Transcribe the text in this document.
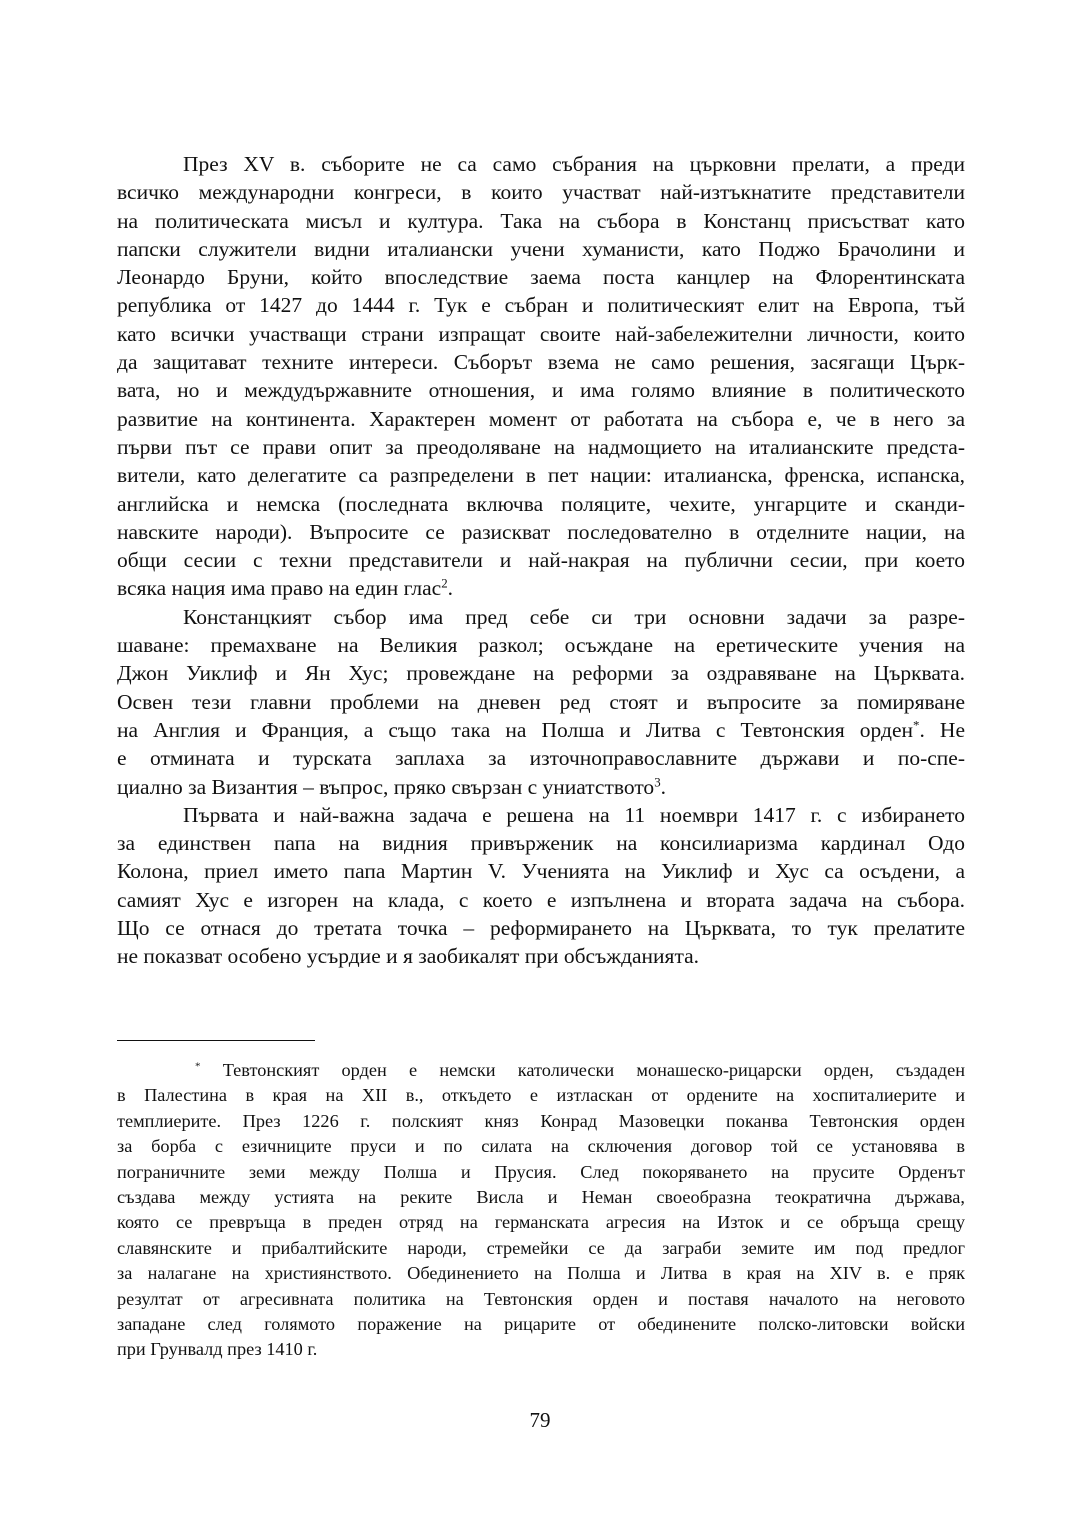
През XV в. съборите не са само събрания на църковни прелати, а преди
всичко международни конгреси, в които участват най-изтъкнатите представители
на политическата мисъл и култура. Така на събора в Констанц присъстват като
папски служители видни италиански учени хуманисти, като Поджо Брачолини и
Леонардо Бруни, който впоследствие заема поста канцлер на Флорентинската
република от 1427 до 1444 г. Тук е събран и политическият елит на Европа, тъй
като всички участващи страни изпращат своите най-забележителни личности, които
да защитават техните интереси. Съборът взема не само решения, засягащи Църк-
вата, но и междудържавните отношения, и има голямо влияние в политическото
развитие на континента. Характерен момент от работата на събора е, че в него за
първи път се прави опит за преодоляване на надмощието на италианските предста-
вители, като делегатите са разпределени в пет нации: италианска, френска, испанска,
английска и немска (последната включва поляците, чехите, унгарците и сканди-
навските народи). Въпросите се разискват последователно в отделните нации, на
общи сесии с техни представители и най-накрая на публични сесии, при което
всяка нация има право на един глас$^2$.
Констанцкият събор има пред себе си три основни задачи за разре-
шаване: премахване на Великия разкол; осъждане на еретическите учения на
Джон Уиклиф и Ян Хус; провеждане на реформи за оздравяване на Църквата.
Освен тези главни проблеми на дневен ред стоят и въпросите за помиряване
на Англия и Франция, а също така на Полша и Литва с Тевтонския орден*. Не
е отмината и турската заплаха за източноправославните държави и по-спе-
циално за Византия – въпрос, пряко свързан с униатството$^3$.
Първата и най-важна задача е решена на 11 ноември 1417 г. с избирането
за единствен папа на видния привърженик на консилиаризма кардинал Одо
Колона, приел името папа Мартин V. Ученията на Уиклиф и Хус са осъдени, а
самият Хус е изгорен на клада, с което е изпълнена и втората задача на събора.
Що се отнася до третата точка – реформирането на Църквата, то тук прелатите
не показват особено усърдие и я заобикалят при обсъжданията.
* Тевтонският орден е немски католически монашеско-рицарски орден, създаден
в Палестина в края на XII в., откъдето е изтласкан от ордените на хоспиталиерите и
темплиерите. През 1226 г. полският княз Конрад Мазовецки поканва Тевтонския орден
за борба с езичниците пруси и по силата на сключения договор той се установява в
пограничните земи между Полша и Прусия. След покоряването на прусите Орденът
създава между устията на реките Висла и Неман своеобразна теократична държава,
която се превръща в преден отряд на германската агресия на Изток и се обръща срещу
славянските и прибалтийските народи, стремейки се да заграби земите им под предлог
за налагане на християнството. Обединението на Полша и Литва в края на XIV в. е пряк
резултат от агресивната политика на Тевтонския орден и поставя началото на неговото
западане след голямото поражение на рицарите от обединените полско-литовски войски
при Грунвалд през 1410 г.
79
